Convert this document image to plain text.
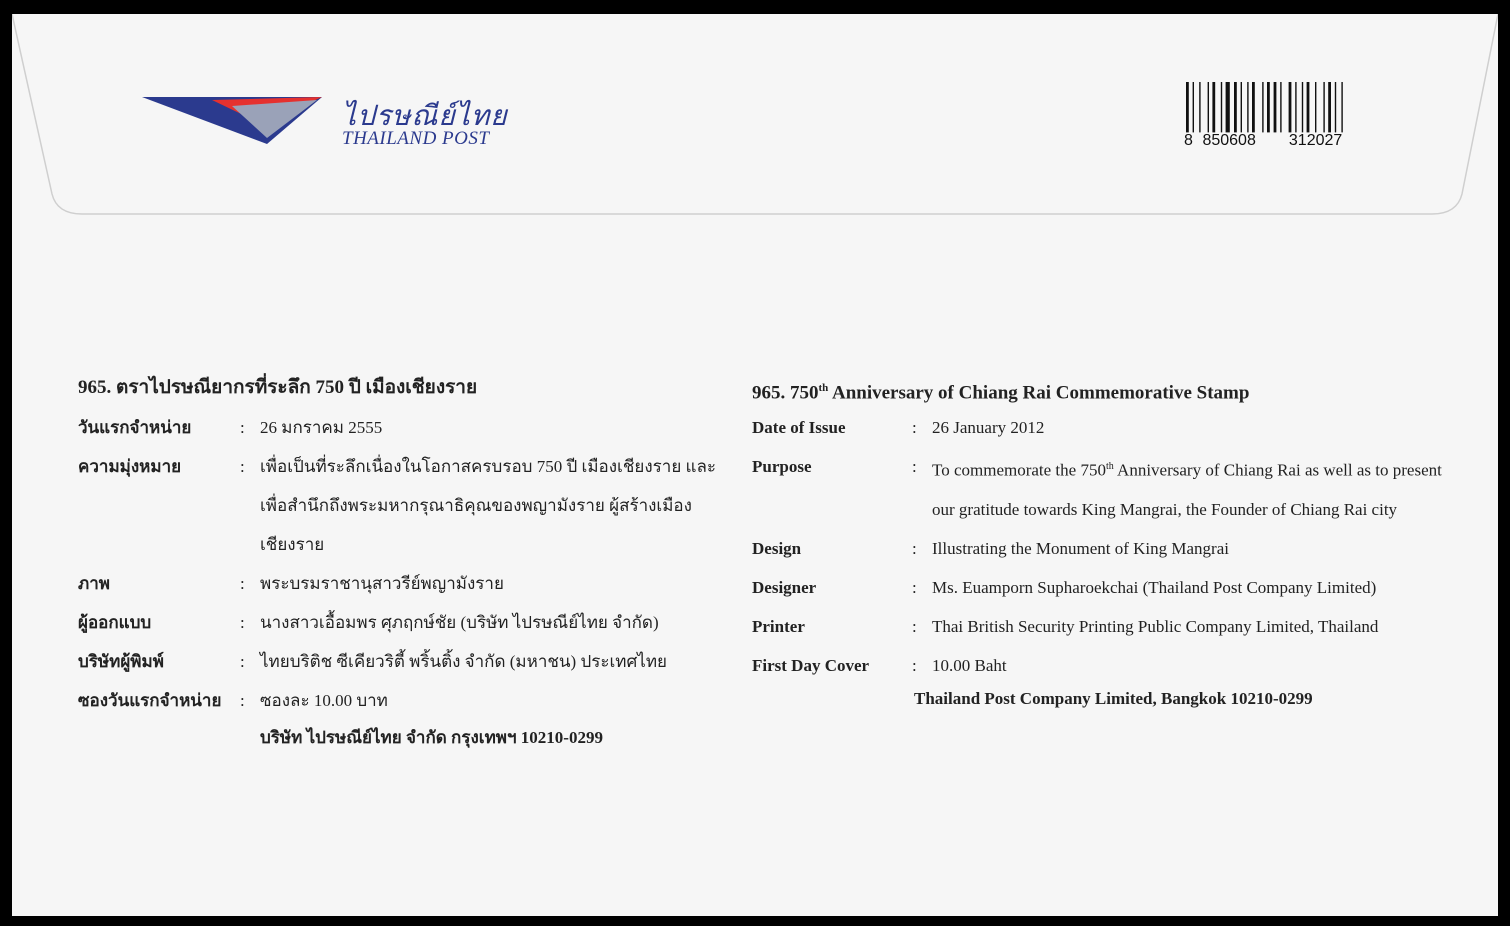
ไปรษณีย์ไทย
THAILAND POST	8 850608 312027
965. ตราไปรษณียากรที่ระลึก 750 ปี เมืองเชียงราย
วันแรกจำหน่าย	: 26 มกราคม 2555
ความมุ่งหมาย	: เพื่อเป็นที่ระลึกเนื่องในโอกาสครบรอบ 750 ปี เมืองเชียงราย และเพื่อสำนึกถึงพระมหากรุณาธิคุณของพญามังราย ผู้สร้างเมืองเชียงราย
ภาพ	: พระบรมราชานุสาวรีย์พญามังราย
ผู้ออกแบบ	: นางสาวเอื้อมพร ศุภฤกษ์ชัย (บริษัท ไปรษณีย์ไทย จำกัด)
บริษัทผู้พิมพ์	: ไทยบริติช ซีเคียวริตี้ พริ้นติ้ง จำกัด (มหาชน) ประเทศไทย
ซองวันแรกจำหน่าย	: ซองละ 10.00 บาท
บริษัท ไปรษณีย์ไทย จำกัด กรุงเทพฯ 10210-0299
965. 750th Anniversary of Chiang Rai Commemorative Stamp
Date of Issue	: 26 January 2012
Purpose	: To commemorate the 750th Anniversary of Chiang Rai as well as to present our gratitude towards King Mangrai, the Founder of Chiang Rai city
Design	: Illustrating the Monument of King Mangrai
Designer	: Ms. Euamporn Supharoekchai (Thailand Post Company Limited)
Printer	: Thai British Security Printing Public Company Limited, Thailand
First Day Cover	: 10.00 Baht
Thailand Post Company Limited, Bangkok 10210-0299
